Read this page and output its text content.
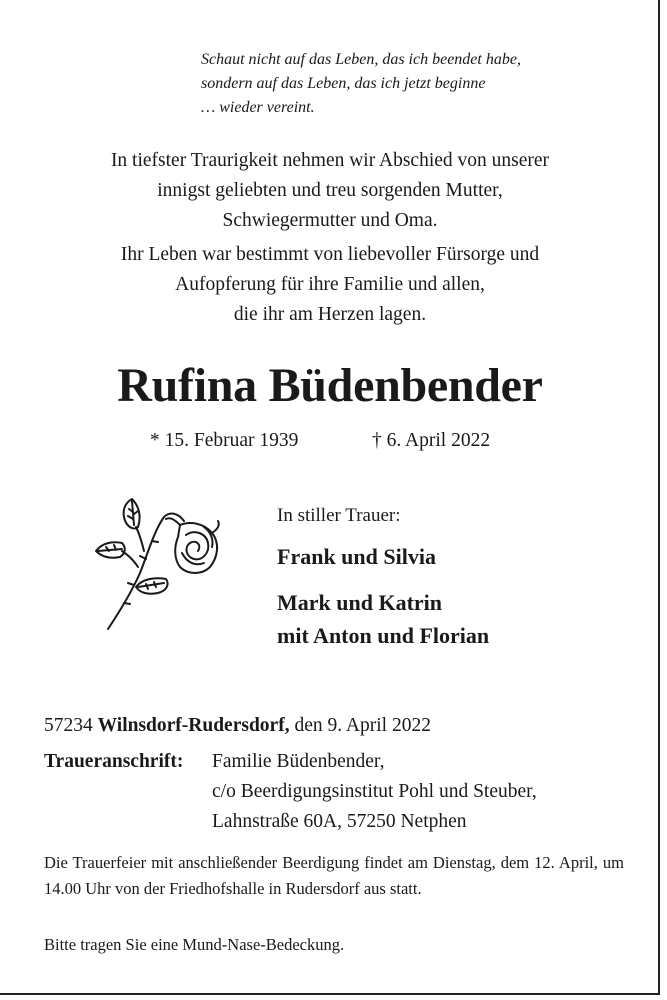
Schaut nicht auf das Leben, das ich beendet habe,
sondern auf das Leben, das ich jetzt beginne
… wieder vereint.
In tiefster Traurigkeit nehmen wir Abschied von unserer
innigst geliebten und treu sorgenden Mutter,
Schwiegermutter und Oma.
Ihr Leben war bestimmt von liebevoller Fürsorge und
Aufopferung für ihre Familie und allen,
die ihr am Herzen lagen.
Rufina Büdenbender
* 15. Februar 1939	† 6. April 2022
In stiller Trauer:
Frank und Silvia
Mark und Katrin
mit Anton und Florian
57234 Wilnsdorf-Rudersdorf, den 9. April 2022
Traueranschrift: Familie Büdenbender,
c/o Beerdigungsinstitut Pohl und Steuber,
Lahnstraße 60A, 57250 Netphen
Die Trauerfeier mit anschließender Beerdigung findet am Dienstag, dem 12. April, um 14.00 Uhr von der Friedhofshalle in Rudersdorf aus statt.
Bitte tragen Sie eine Mund-Nase-Bedeckung.
